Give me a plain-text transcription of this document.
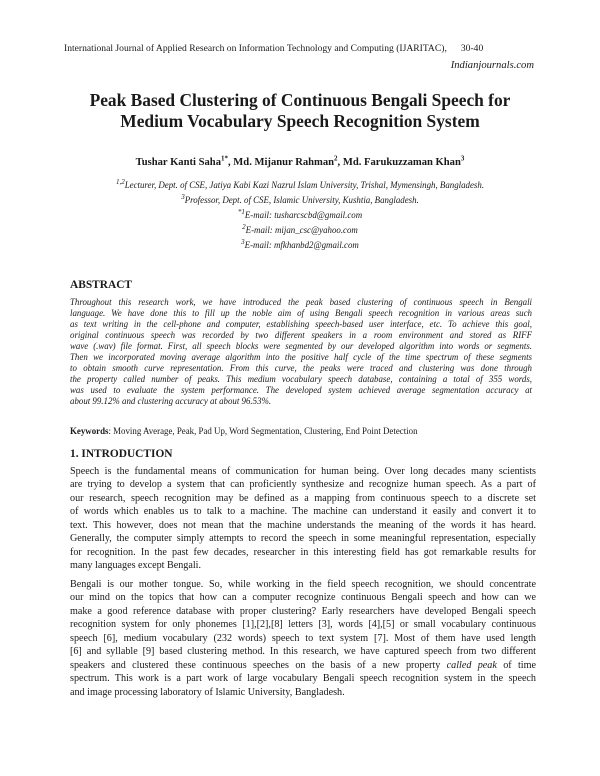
International Journal of Applied Research on Information Technology and Computing (IJARITAC), 30-40
Indianjournals.com
Peak Based Clustering of Continuous Bengali Speech for
Medium Vocabulary Speech Recognition System
Tushar Kanti Saha$^{1*}$, Md. Mijanur Rahman$^2$, Md. Farukuzzaman Khan$^3$
$^{1,2}$Lecturer, Dept. of CSE, Jatiya Kabi Kazi Nazrul Islam University, Trishal, Mymensingh, Bangladesh.
$^3$Professor, Dept. of CSE, Islamic University, Kushtia, Bangladesh.
$^{*1}$E-mail: tusharcscbd@gmail.com
$^2$E-mail: mijan_csc@yahoo.com
$^3$E-mail: mfkhanbd2@gmail.com
ABSTRACT
Throughout this research work, we have introduced the peak based clustering of continuous speech in Bengali
language. We have done this to fill up the noble aim of using Bengali speech recognition in various areas such
as text writing in the cell-phone and computer, establishing speech-based user interface, etc. To achieve this goal,
original continuous speech was recorded by two different speakers in a room environment and stored as RIFF
wave (.wav) file format. First, all speech blocks were segmented by our developed algorithm into words or segments.
Then we incorporated moving average algorithm into the positive half cycle of the time spectrum of these segments
to obtain smooth curve representation. From this curve, the peaks were traced and clustering was done through
the property called number of peaks. This medium vocabulary speech database, containing a total of 355 words,
was used to evaluate the system performance. The developed system achieved average segmentation accuracy at
about 99.12% and clustering accuracy at about 96.53%.
Keywords: Moving Average, Peak, Pad Up, Word Segmentation, Clustering, End Point Detection
1. INTRODUCTION
Speech is the fundamental means of communication for human being. Over long decades many scientists
are trying to develop a system that can proficiently synthesize and recognize human speech. As a part of
our research, speech recognition may be defined as a mapping from continuous speech to a discrete set
of words which enables us to talk to a machine. The machine can understand it easily and convert it to
text. This however, does not mean that the machine understands the meaning of the words it has heard.
Generally, the computer simply attempts to record the speech in some meaningful representation, especially
for recognition. In the past few decades, researcher in this interesting field has got remarkable results for
many languages except Bengali.
Bengali is our mother tongue. So, while working in the field speech recognition, we should concentrate
our mind on the topics that how can a computer recognize continuous Bengali speech and how can we
make a good reference database with proper clustering? Early researchers have developed Bengali speech
recognition system for only phonemes [1],[2],[8] letters [3], words [4],[5] or small vocabulary continuous
speech [6], medium vocabulary (232 words) speech to text system [7]. Most of them have used length
[6] and syllable [9] based clustering method. In this research, we have captured speech from two different
speakers and clustered these continuous speeches on the basis of a new property called peak of time
spectrum. This work is a part work of large vocabulary Bengali speech recognition system in the speech
and image processing laboratory of Islamic University, Bangladesh.
